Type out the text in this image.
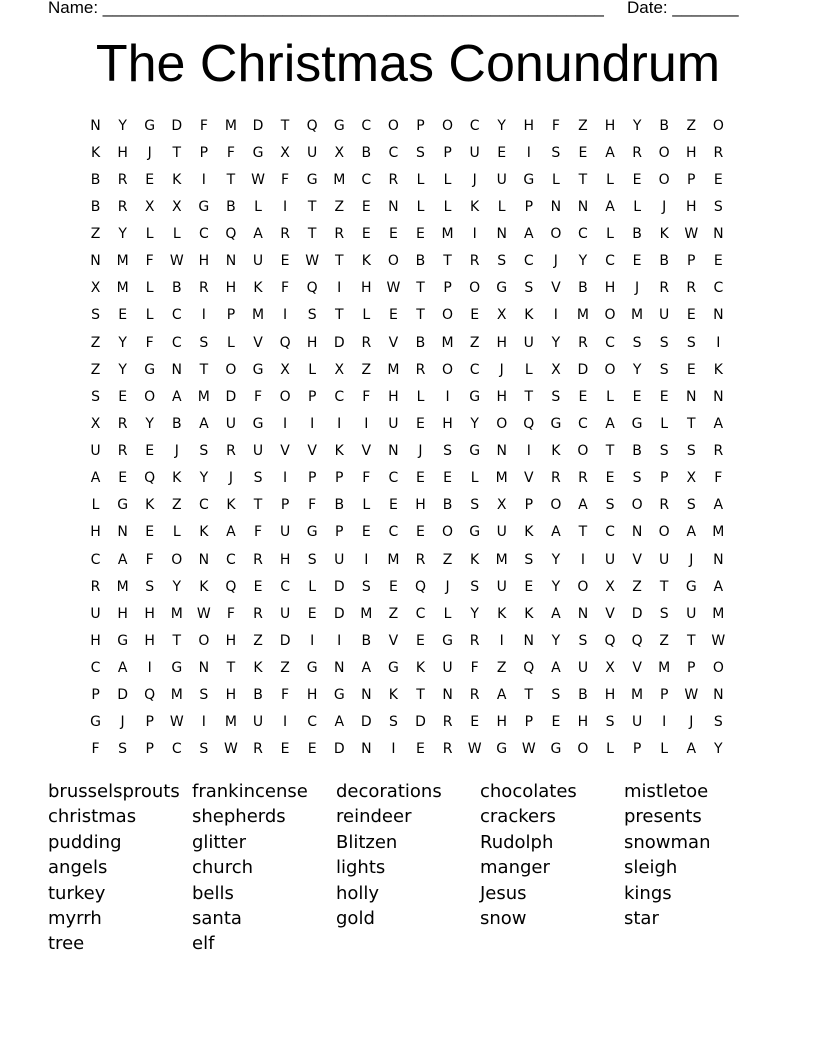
Name: _____________________________________________________ Date: _______
The Christmas Conundrum
N	Y	G	D	F	M	D	T	Q	G	C	O	P	O	C	Y	H	F	Z	H	Y	B	Z	O
K	H	J	T	P	F	G	X	U	X	B	C	S	P	U	E	I	S	E	A	R	O	H	R
B	R	E	K	I	T	W	F	G	M	C	R	L	L	J	U	G	L	T	L	E	O	P	E
B	R	X	X	G	B	L	I	T	Z	E	N	L	L	K	L	P	N	N	A	L	J	H	S
Z	Y	L	L	C	Q	A	R	T	R	E	E	E	M	I	N	A	O	C	L	B	K	W	N
N	M	F	W	H	N	U	E	W	T	K	O	B	T	R	S	C	J	Y	C	E	B	P	E
X	M	L	B	R	H	K	F	Q	I	H	W	T	P	O	G	S	V	B	H	J	R	R	C
S	E	L	C	I	P	M	I	S	T	L	E	T	O	E	X	K	I	M	O	M	U	E	N
Z	Y	F	C	S	L	V	Q	H	D	R	V	B	M	Z	H	U	Y	R	C	S	S	S	I
Z	Y	G	N	T	O	G	X	L	X	Z	M	R	O	C	J	L	X	D	O	Y	S	E	K
S	E	O	A	M	D	F	O	P	C	F	H	L	I	G	H	T	S	E	L	E	E	N	N
X	R	Y	B	A	U	G	I	I	I	I	U	E	H	Y	O	Q	G	C	A	G	L	T	A
U	R	E	J	S	R	U	V	V	K	V	N	J	S	G	N	I	K	O	T	B	S	S	R
A	E	Q	K	Y	J	S	I	P	P	F	C	E	E	L	M	V	R	R	E	S	P	X	F
L	G	K	Z	C	K	T	P	F	B	L	E	H	B	S	X	P	O	A	S	O	R	S	A
H	N	E	L	K	A	F	U	G	P	E	C	E	O	G	U	K	A	T	C	N	O	A	M
C	A	F	O	N	C	R	H	S	U	I	M	R	Z	K	M	S	Y	I	U	V	U	J	N
R	M	S	Y	K	Q	E	C	L	D	S	E	Q	J	S	U	E	Y	O	X	Z	T	G	A
U	H	H	M	W	F	R	U	E	D	M	Z	C	L	Y	K	K	A	N	V	D	S	U	M
H	G	H	T	O	H	Z	D	I	I	B	V	E	G	R	I	N	Y	S	Q	Q	Z	T	W
C	A	I	G	N	T	K	Z	G	N	A	G	K	U	F	Z	Q	A	U	X	V	M	P	O
P	D	Q	M	S	H	B	F	H	G	N	K	T	N	R	A	T	S	B	H	M	P	W	N
G	J	P	W	I	M	U	I	C	A	D	S	D	R	E	H	P	E	H	S	U	I	J	S
F	S	P	C	S	W	R	E	E	D	N	I	E	R	W	G	W	G	O	L	P	L	A	Y
brusselsprouts frankincense	decorations	chocolates	mistletoe
christmas	shepherds	reindeer	crackers	presents
pudding	glitter	Blitzen	Rudolph	snowman
angels	church	lights	manger	sleigh
turkey	bells	holly	Jesus	kings
myrrh	santa	gold	snow	star
tree	elf
